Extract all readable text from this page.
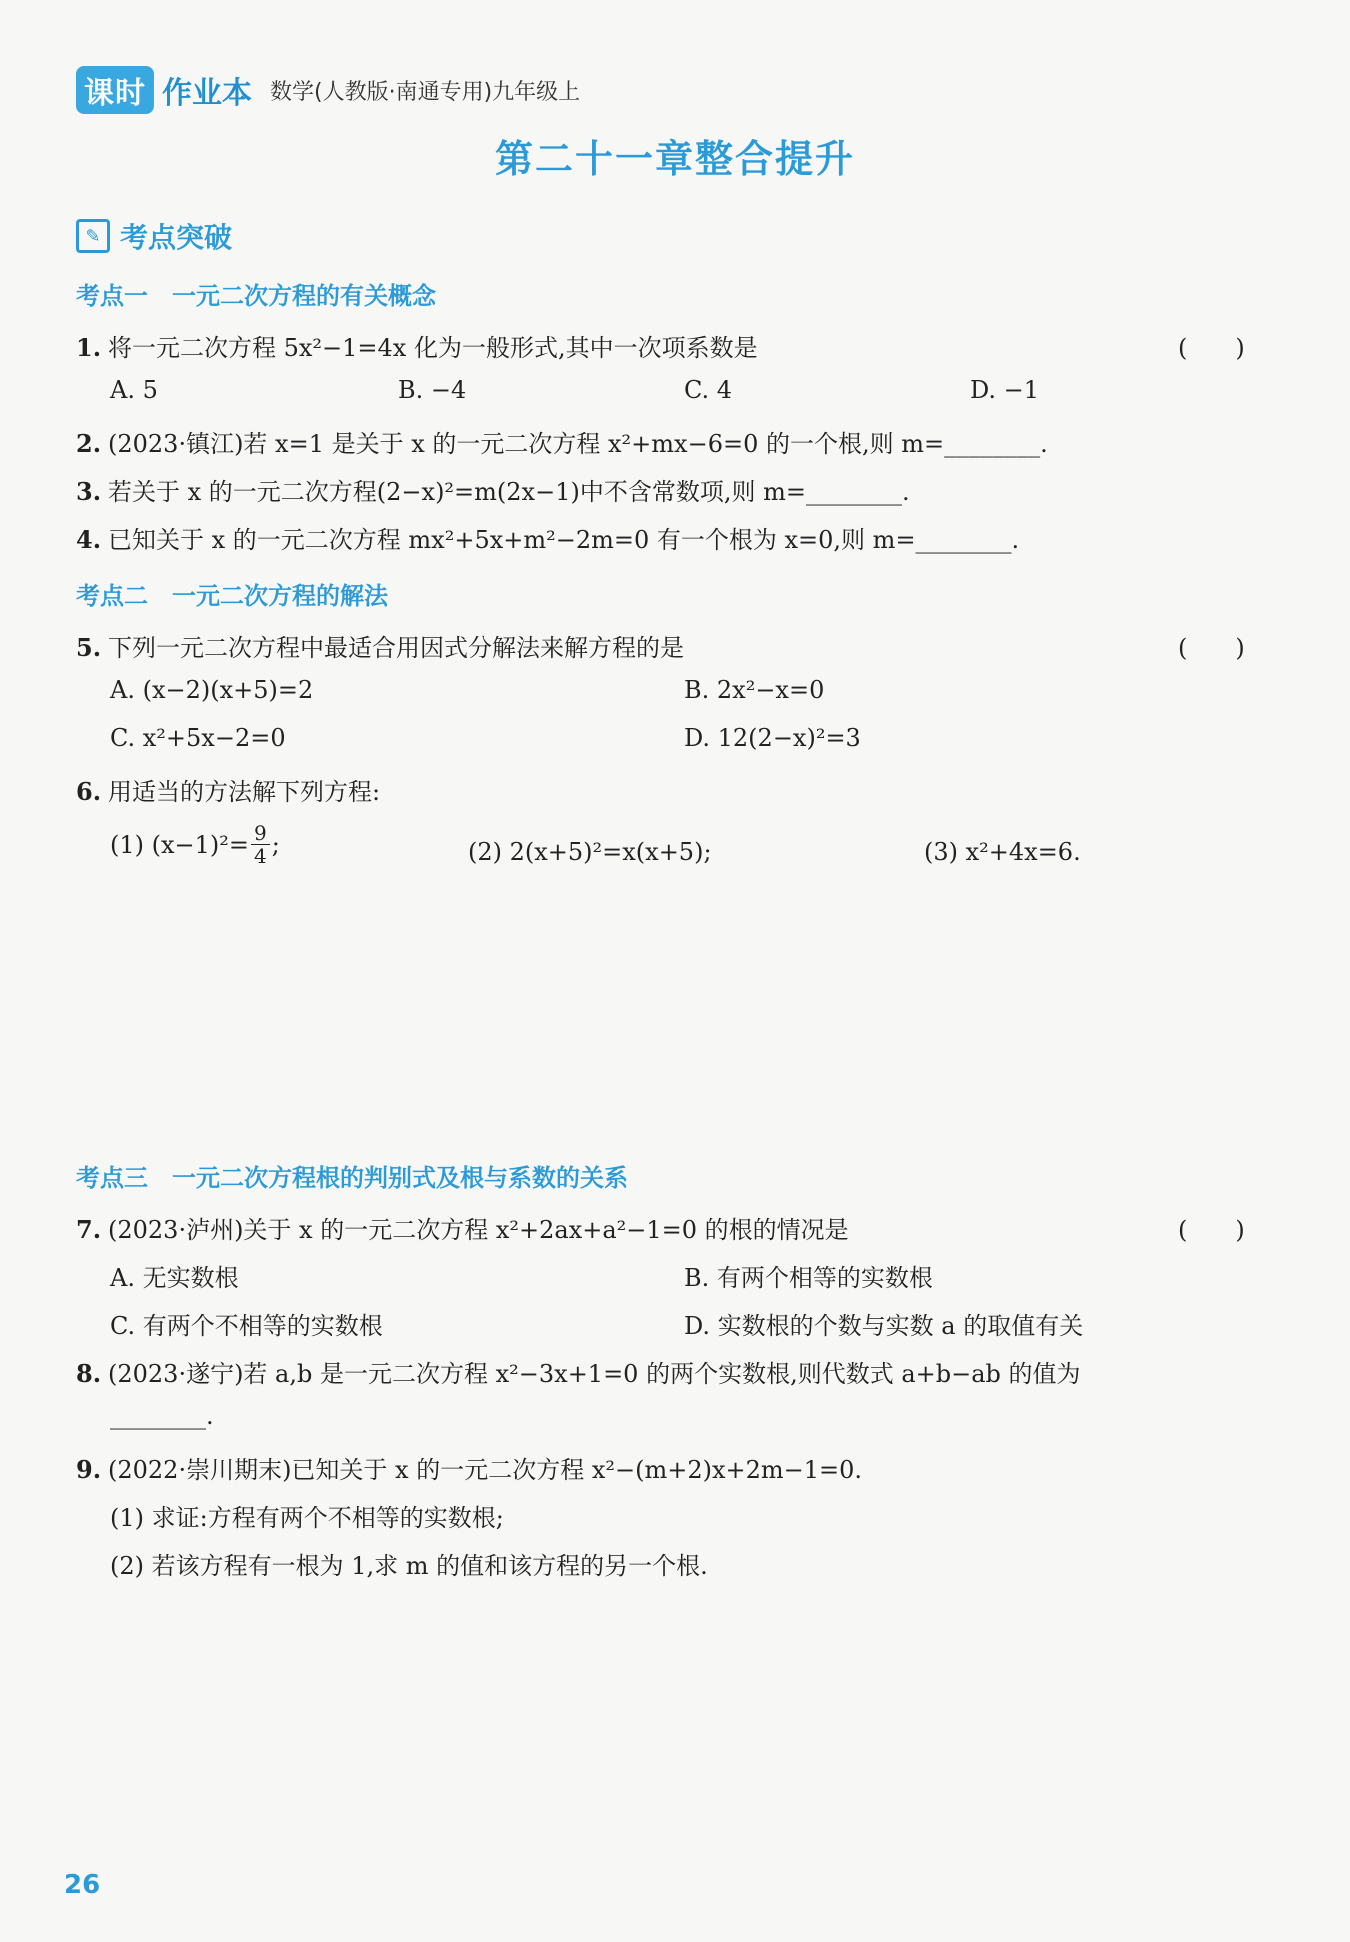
课时 作业本 数学(人教版·南通专用)九年级上
第二十一章整合提升
✎ 考点突破
考点一　一元二次方程的有关概念
1. 将一元二次方程 5x²−1=4x 化为一般形式,其中一次项系数是	(　　)
A. 5	B. −4	C. 4	D. −1
2. (2023·镇江)若 x=1 是关于 x 的一元二次方程 x²+mx−6=0 的一个根,则 m=________.
3. 若关于 x 的一元二次方程(2−x)²=m(2x−1)中不含常数项,则 m=________.
4. 已知关于 x 的一元二次方程 mx²+5x+m²−2m=0 有一个根为 x=0,则 m=________.
考点二　一元二次方程的解法
5. 下列一元二次方程中最适合用因式分解法来解方程的是	(　　)
A. (x−2)(x+5)=2	B. 2x²−x=0
C. x²+5x−2=0	D. 12(2−x)²=3
6. 用适当的方法解下列方程:
(1) $(x-1)^2= \frac{9}{4}$ ;	(2) 2(x+5)²=x(x+5);	(3) x²+4x=6.
考点三　一元二次方程根的判别式及根与系数的关系
7. (2023·泸州)关于 x 的一元二次方程 x²+2ax+a²−1=0 的根的情况是	(　　)
A. 无实数根	B. 有两个相等的实数根
C. 有两个不相等的实数根	D. 实数根的个数与实数 a 的取值有关
8. (2023·遂宁)若 a,b 是一元二次方程 x²−3x+1=0 的两个实数根,则代数式 a+b−ab 的值为
________.
9. (2022·崇川期末)已知关于 x 的一元二次方程 x²−(m+2)x+2m−1=0.
(1) 求证:方程有两个不相等的实数根;
(2) 若该方程有一根为 1,求 m 的值和该方程的另一个根.
26
